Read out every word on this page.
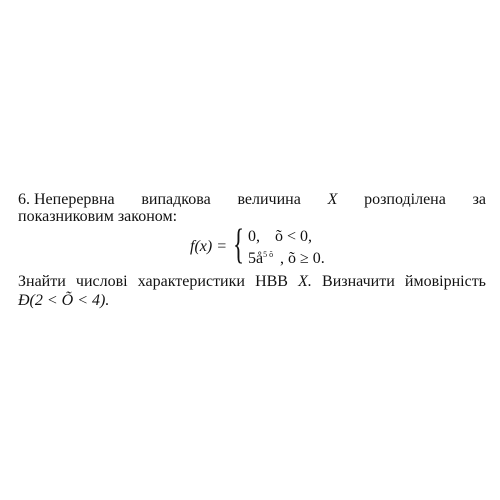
6. Неперервна випадкова величина X розподілена за
показниковим законом:
f(x) = { 0, õ < 0,
$5å^{5 õ}$ , õ ≥ 0.
Знайти числові характеристики НВВ X. Визначити ймовірність
Ð(2 < Õ < 4).
